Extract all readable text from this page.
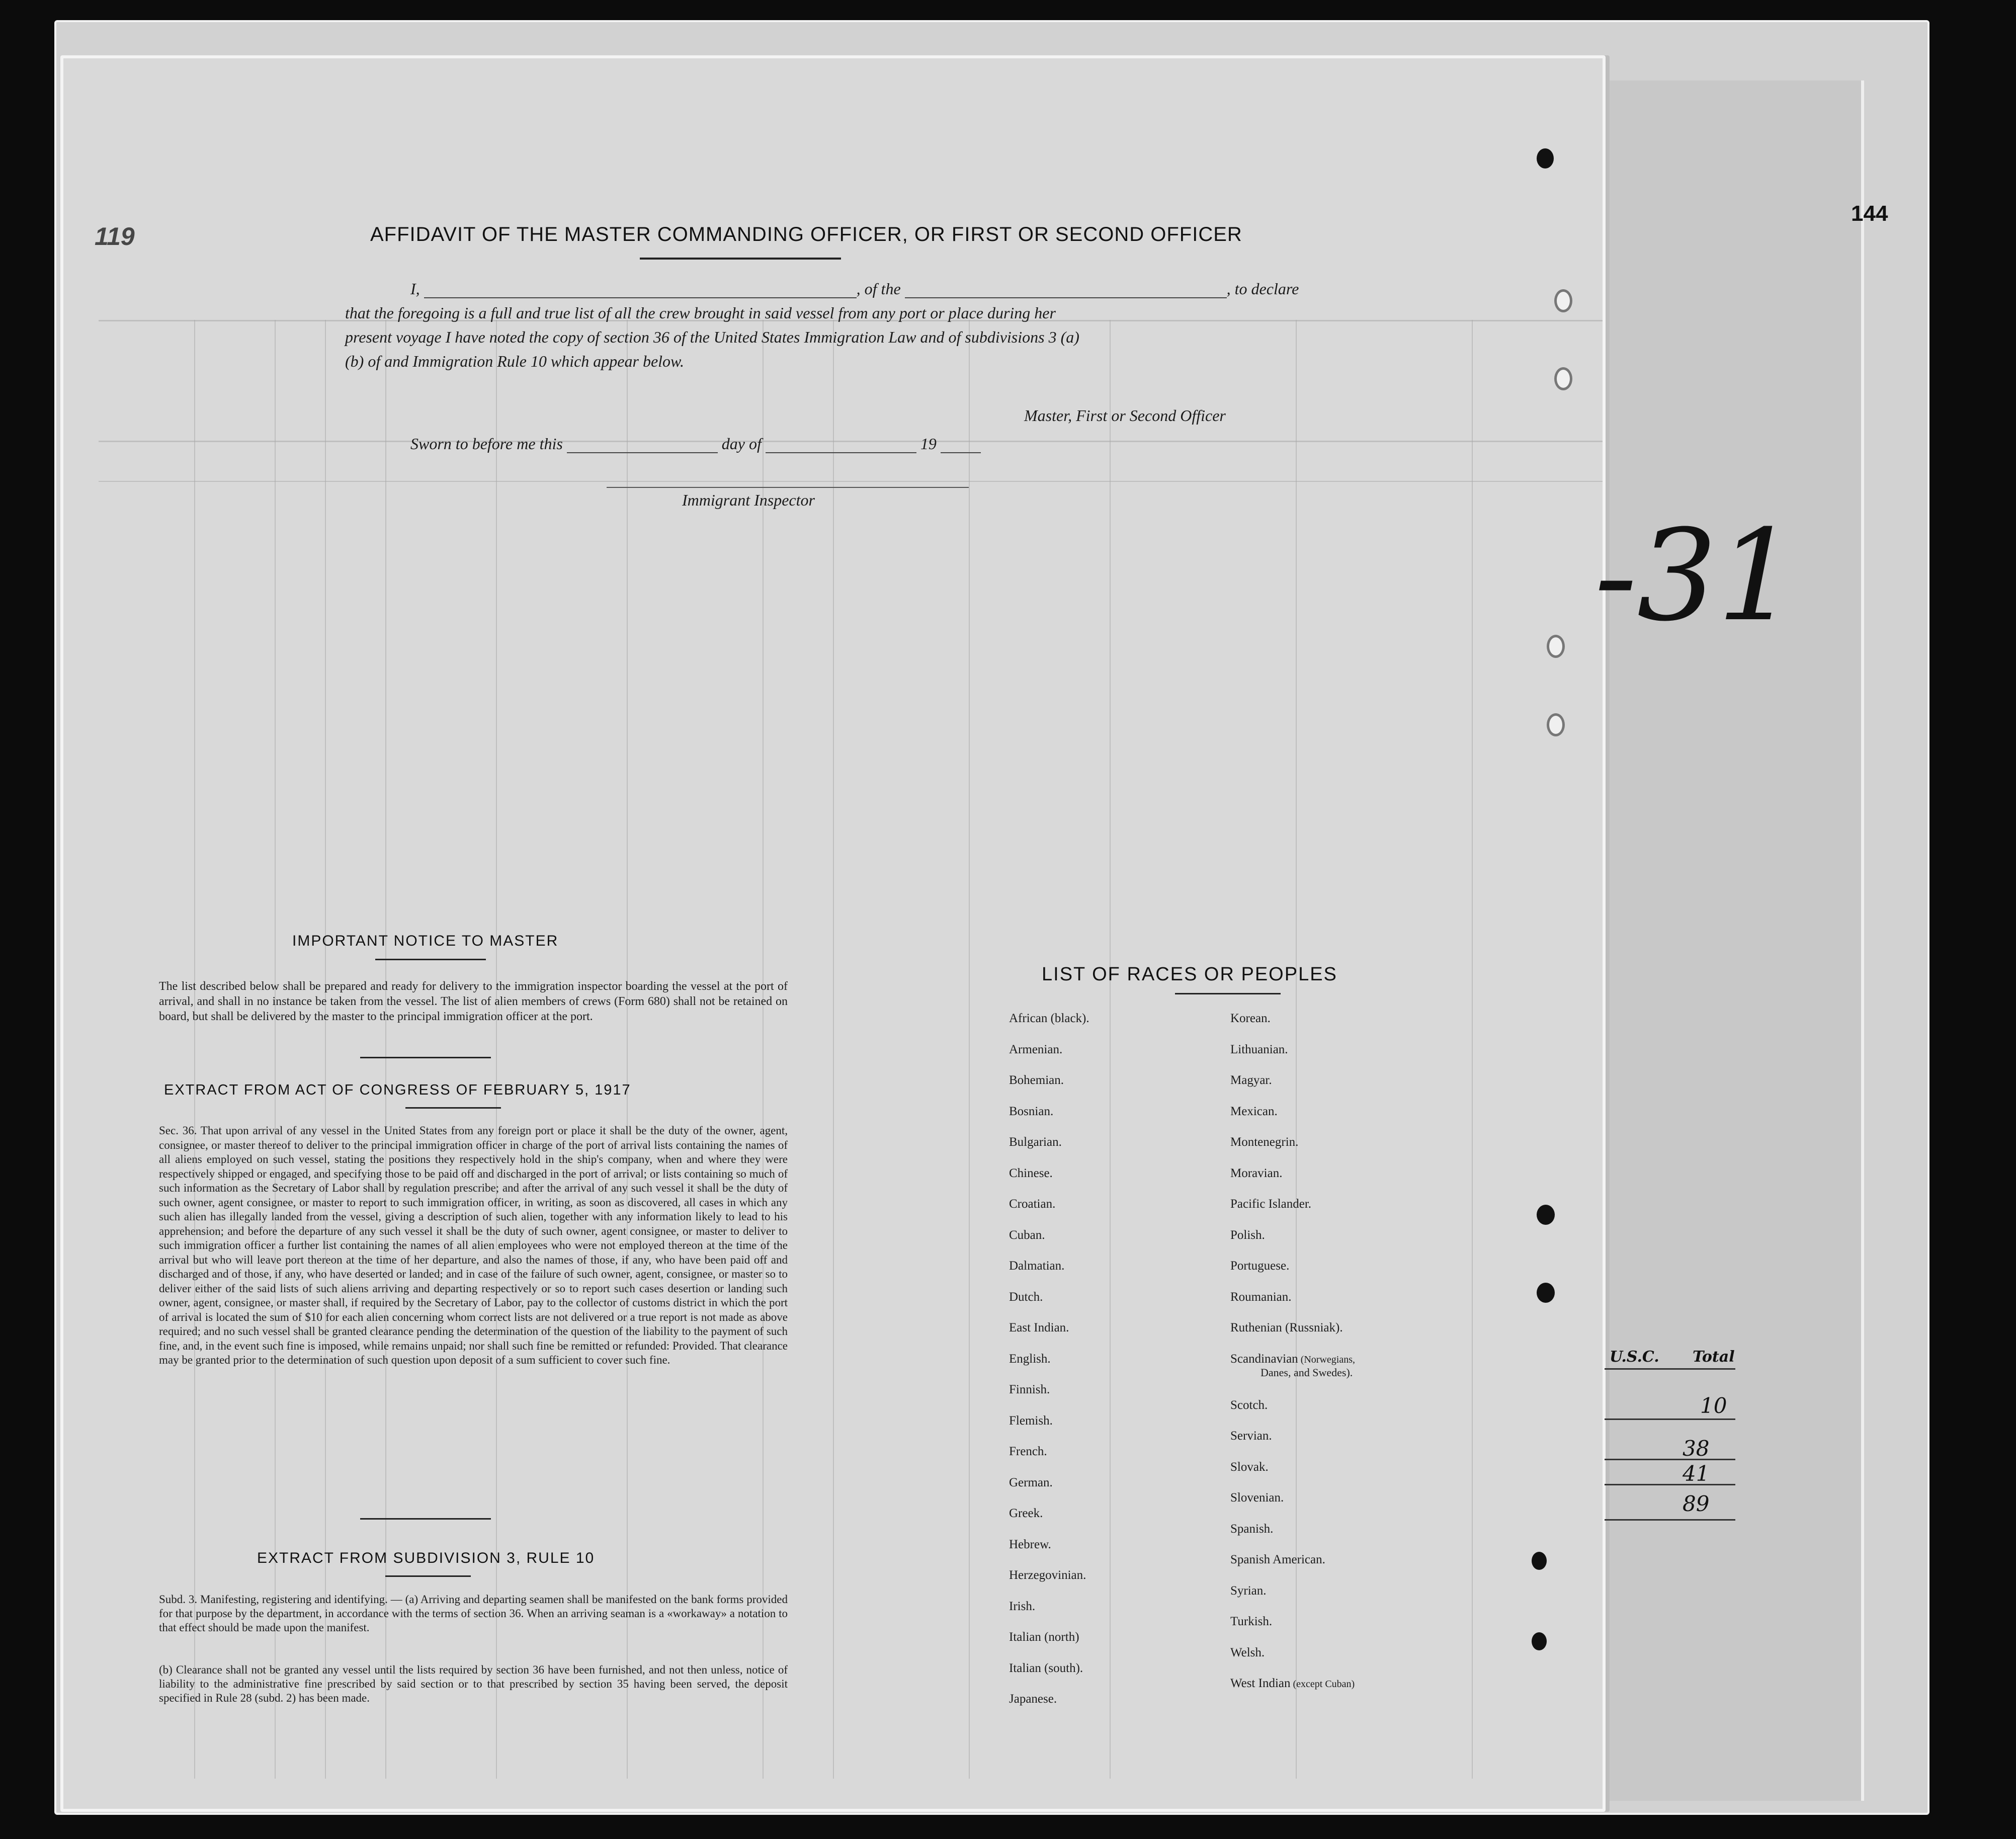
119	AFFIDAVIT OF THE MASTER COMMANDING OFFICER, OR FIRST OR SECOND OFFICER
I,	, of the	, to declare
that the foregoing is a full and true list of all the crew brought in said vessel from any port or place during her
present voyage I have noted the copy of section 36 of the United States Immigration Law and of subdivisions 3 (a)
(b) of and Immigration Rule 10 which appear below.
Master, First or Second Officer
Sworn to before me this	day of	19
Immigrant Inspector
IMPORTANT NOTICE TO MASTER
The list described below shall be prepared and ready for delivery to the immigration inspector boarding the vessel at the port of arrival, and shall in no instance be taken from the vessel. The list of alien members of crews (Form 680) shall not be retained on board, but shall be delivered by the master to the principal immigration officer at the port.
EXTRACT FROM ACT OF CONGRESS OF FEBRUARY 5, 1917
Sec. 36. That upon arrival of any vessel in the United States from any foreign port or place it shall be the duty of the owner, agent, consignee, or master thereof to deliver to the principal immigration officer in charge of the port of arrival lists containing the names of all aliens employed on such vessel, stating the positions they respectively hold in the ship's company, when and where they were respectively shipped or engaged, and specifying those to be paid off and discharged in the port of arrival; or lists containing so much of such information as the Secretary of Labor shall by regulation prescribe; and after the arrival of any such vessel it shall be the duty of such owner, agent consignee, or master to report to such immigration officer, in writing, as soon as discovered, all cases in which any such alien has illegally landed from the vessel, giving a description of such alien, together with any information likely to lead to his apprehension; and before the departure of any such vessel it shall be the duty of such owner, agent consignee, or master to deliver to such immigration officer a further list containing the names of all alien employees who were not employed thereon at the time of the arrival but who will leave port thereon at the time of her departure, and also the names of those, if any, who have been paid off and discharged and of those, if any, who have deserted or landed; and in case of the failure of such owner, agent, consignee, or master so to deliver either of the said lists of such aliens arriving and departing respectively or so to report such cases desertion or landing such owner, agent, consignee, or master shall, if required by the Secretary of Labor, pay to the collector of customs district in which the port of arrival is located the sum of $10 for each alien concerning whom correct lists are not delivered or a true report is not made as above required; and no such vessel shall be granted clearance pending the determination of the question of the liability to the payment of such fine, and, in the event such fine is imposed, while remains unpaid; nor shall such fine be remitted or refunded: Provided. That clearance may be granted prior to the determination of such question upon deposit of a sum sufficient to cover such fine.
EXTRACT FROM SUBDIVISION 3, RULE 10
Subd. 3. Manifesting, registering and identifying. — (a) Arriving and departing seamen shall be manifested on the bank forms provided for that purpose by the department, in accordance with the terms of section 36. When an arriving seaman is a «workaway» a notation to that effect should be made upon the manifest.
(b) Clearance shall not be granted any vessel until the lists required by section 36 have been furnished, and not then unless, notice of liability to the administrative fine prescribed by said section or to that prescribed by section 35 having been served, the deposit specified in Rule 28 (subd. 2) has been made.
LIST OF RACES OR PEOPLES
African (black).
Armenian.
Bohemian.
Bosnian.
Bulgarian.
Chinese.
Croatian.
Cuban.
Dalmatian.
Dutch.
East Indian.
English.
Finnish.
Flemish.
French.
German.
Greek.
Hebrew.
Herzegovinian.
Irish.
Italian (north)
Italian (south).
Japanese.
Korean.
Lithuanian.
Magyar.
Mexican.
Montenegrin.
Moravian.
Pacific Islander.
Polish.
Portuguese.
Roumanian.
Ruthenian (Russniak).
Danes, and Swedes).
Scandinavian (Norwegians,
Scotch.
Servian.
Slovak.
Slovenian.
Spanish.
Spanish American.
Syrian.
Turkish.
Welsh.
West Indian (except Cuban)
144
-31
U.S.C. Total
10
38
41
89
